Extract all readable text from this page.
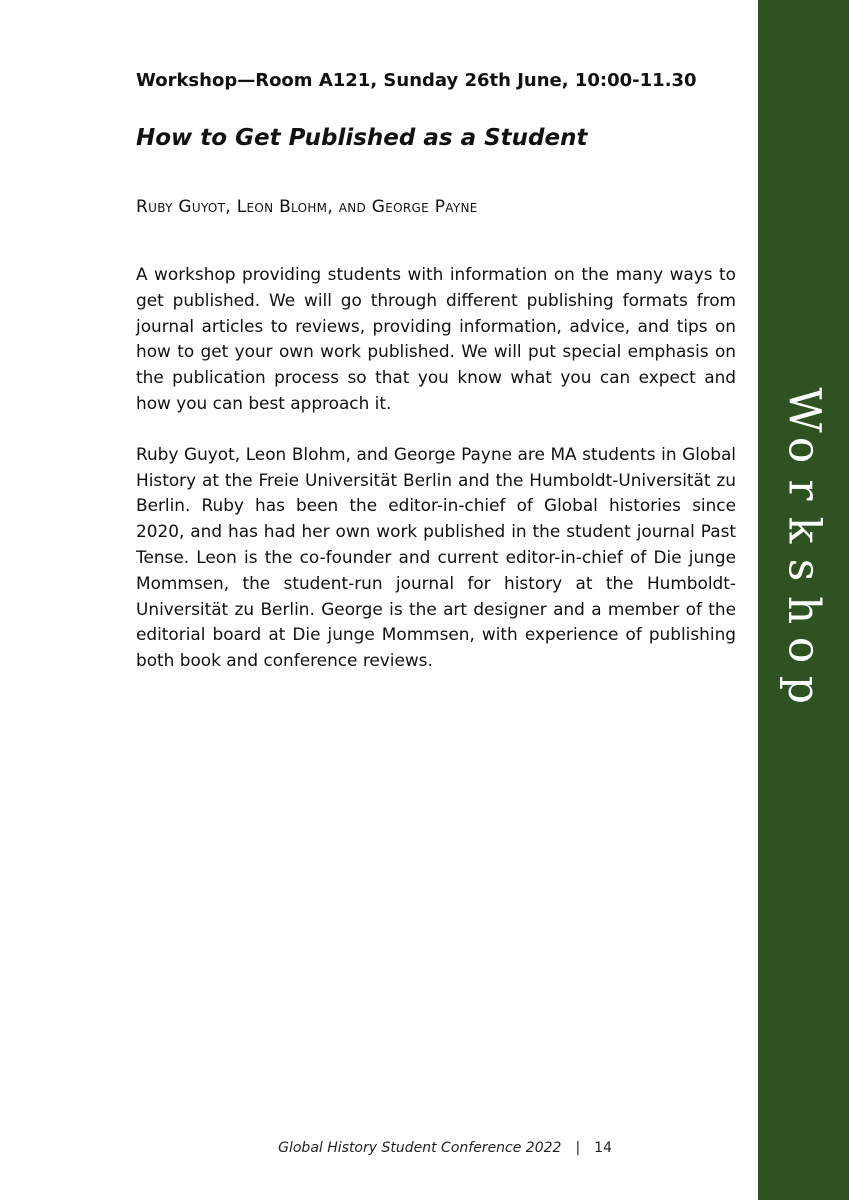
W
o
r
k
s
h
o
p

Workshop—Room A121, Sunday 26th June, 10:00-11.30

How to Get Published as a Student

Ruby Guyot, Leon Blohm, and George Payne

A workshop providing students with information on the many ways to get published. We will go through different publishing formats from journal articles to reviews, providing information, advice, and tips on how to get your own work published. We will put special emphasis on the publication process so that you know what you can expect and how you can best approach it.

Ruby Guyot, Leon Blohm, and George Payne are MA students in Global History at the Freie Universität Berlin and the Humboldt-Universität zu Berlin. Ruby has been the editor-in-chief of Global histories since 2020, and has had her own work published in the student journal Past Tense. Leon is the co-founder and current editor-in-chief of Die junge Mommsen, the student-run journal for history at the Humboldt-Universität zu Berlin. George is the art designer and a member of the editorial board at Die junge Mommsen, with experience of publishing both book and conference reviews.

Global History Student Conference 2022 | 14
